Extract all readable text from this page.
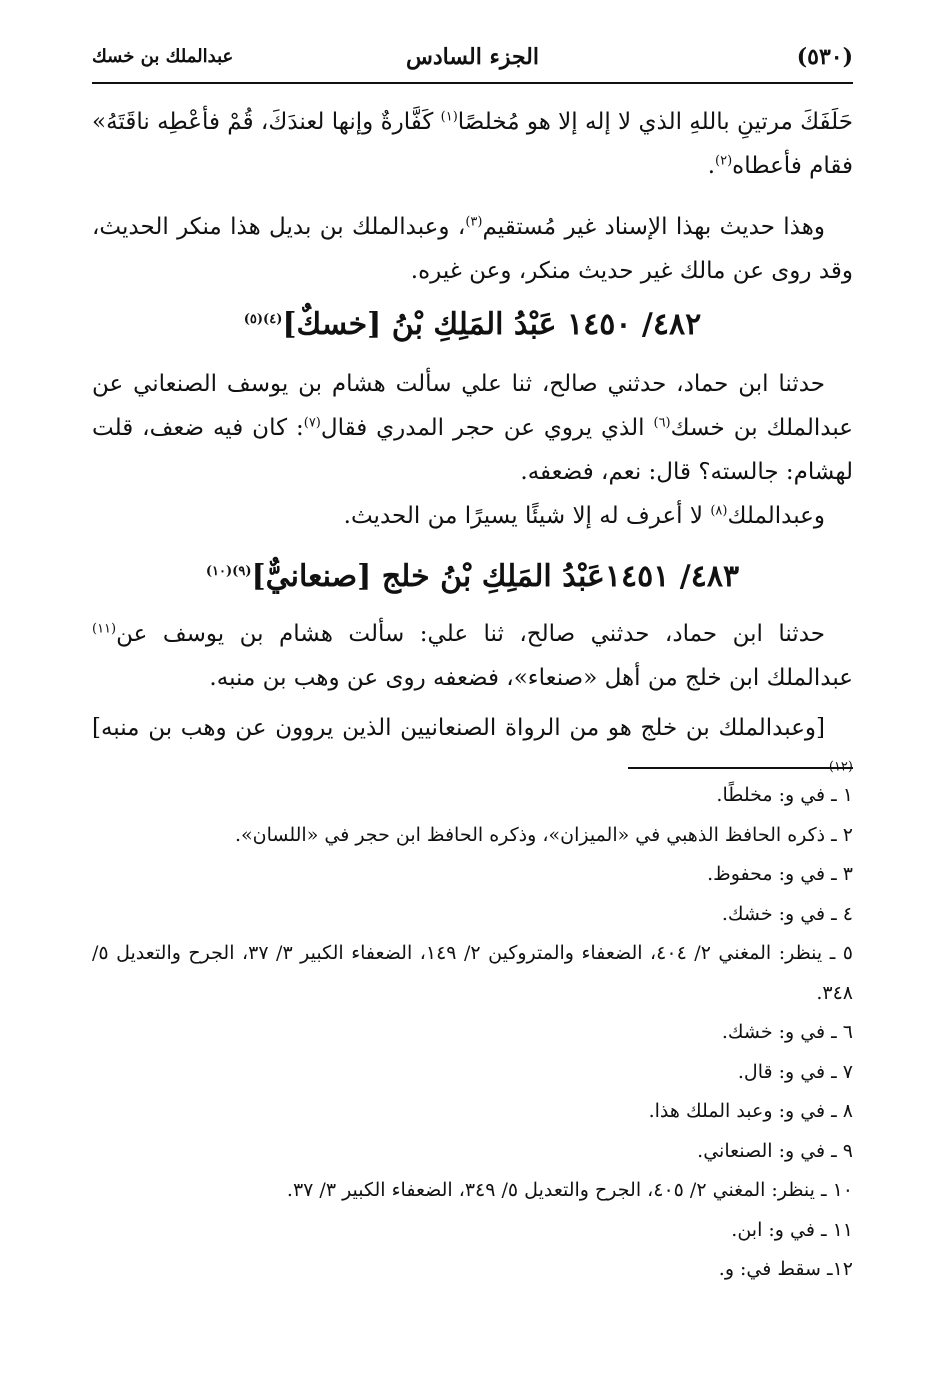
(٥٣٠)
الجزء السادس
عبدالملك بن خسك

حَلَفَكَ مرتينِ باللهِ الذي لا إله إلا هو مُخلصًا$^{(١)}$ كَفَّارةٌ وإنها لعندَكَ، قُمْ فأعْطِه ناقَتَهُ» فقام فأعطاه$^{(٢)}$.

وهذا حديث بهذا الإسناد غير مُستقيم$^{(٣)}$، وعبدالملك بن بديل هذا منكر الحديث، وقد روى عن مالك غير حديث منكر، وعن غيره.

٤٨٢/ ١٤٥٠ عَبْدُ المَلِكِ بْنُ [خسكٌ]$^{(٤)(٥)}$

حدثنا ابن حماد، حدثني صالح، ثنا علي سألت هشام بن يوسف الصنعاني عن عبدالملك بن خسك$^{(٦)}$ الذي يروي عن حجر المدري فقال$^{(٧)}$: كان فيه ضعف، قلت لهشام: جالسته؟ قال: نعم، فضعفه.

وعبدالملك$^{(٨)}$ لا أعرف له إلا شيئًا يسيرًا من الحديث.

٤٨٣/ ١٤٥١عَبْدُ المَلِكِ بْنُ خلج [صنعانيٌّ]$^{(٩)(١٠)}$

حدثنا ابن حماد، حدثني صالح، ثنا علي: سألت هشام بن يوسف عن$^{(١١)}$ عبدالملك ابن خلج من أهل «صنعاء»، فضعفه روى عن وهب بن منبه.

[وعبدالملك بن خلج هو من الرواة الصنعانيين الذين يروون عن وهب بن منبه]$^{(١٢)}$

١ ـ في و: مخلطًا.

٢ ـ ذكره الحافظ الذهبي في «الميزان»، وذكره الحافظ ابن حجر في «اللسان».

٣ ـ في و: محفوظ.

٤ ـ في و: خشك.

٥ ـ ينظر: المغني ٢/ ٤٠٤، الضعفاء والمتروكين ٢/ ١٤٩، الضعفاء الكبير ٣/ ٣٧، الجرح والتعديل ٥/ ٣٤٨.

٦ ـ في و: خشك.

٧ ـ في و: قال.

٨ ـ في و: وعبد الملك هذا.

٩ ـ في و: الصنعاني.

١٠ ـ ينظر: المغني ٢/ ٤٠٥، الجرح والتعديل ٥/ ٣٤٩، الضعفاء الكبير ٣/ ٣٧.

١١ ـ في و: ابن.

١٢ـ سقط في: و.
